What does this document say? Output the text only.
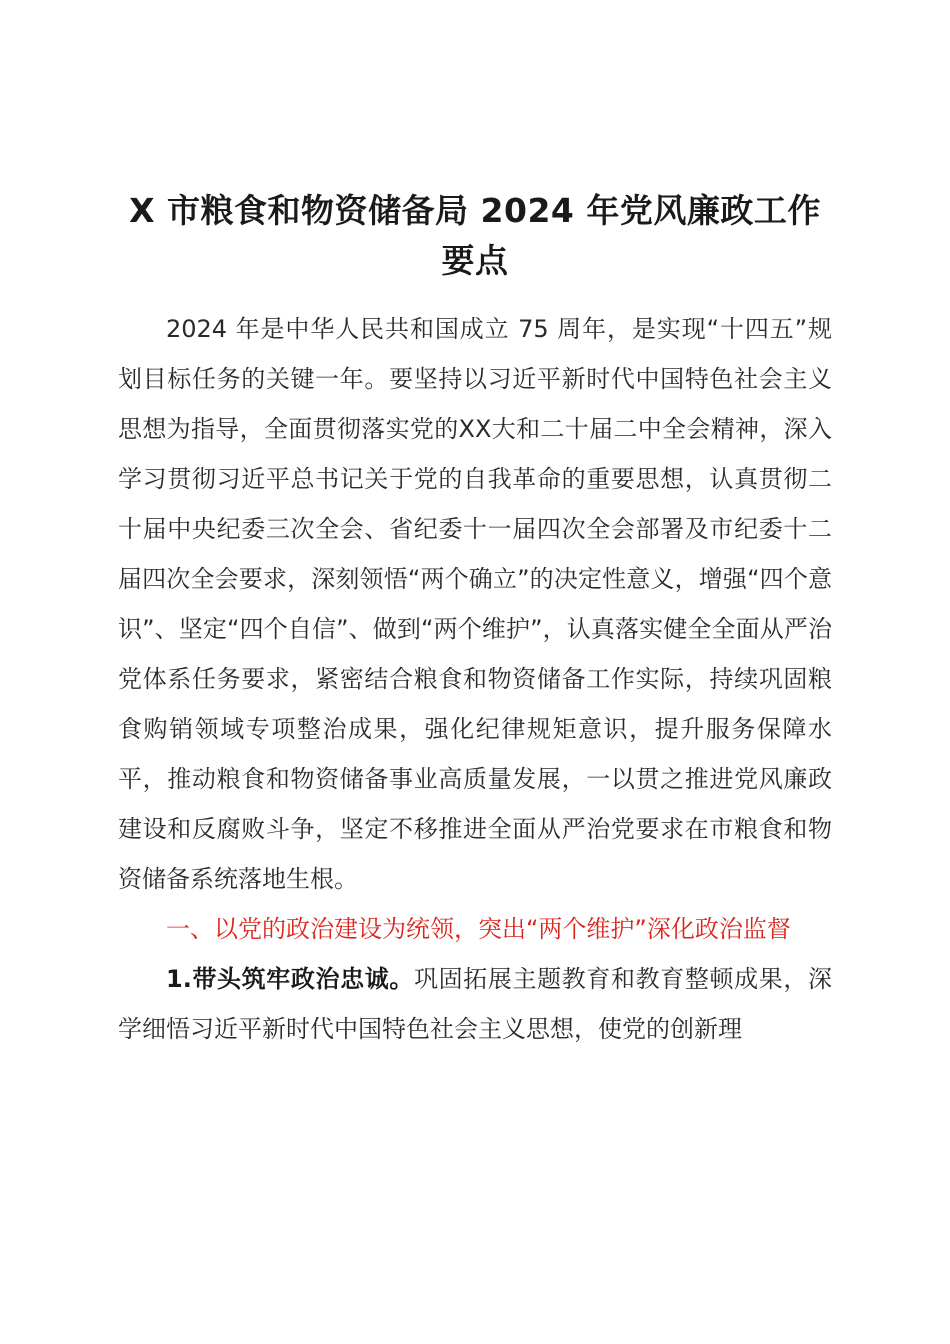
X 市粮食和物资储备局 2024 年党风廉政工作要点

2024 年是中华人民共和国成立 75 周年，是实现“十四五”规划目标任务的关键一年。要坚持以习近平新时代中国特色社会主义思想为指导，全面贯彻落实党的XX大和二十届二中全会精神，深入学习贯彻习近平总书记关于党的自我革命的重要思想，认真贯彻二十届中央纪委三次全会、省纪委十一届四次全会部署及市纪委十二届四次全会要求，深刻领悟“两个确立”的决定性意义，增强“四个意识”、坚定“四个自信”、做到“两个维护”，认真落实健全全面从严治党体系任务要求，紧密结合粮食和物资储备工作实际，持续巩固粮食购销领域专项整治成果，强化纪律规矩意识，提升服务保障水平，推动粮食和物资储备事业高质量发展，一以贯之推进党风廉政建设和反腐败斗争，坚定不移推进全面从严治党要求在市粮食和物资储备系统落地生根。

一、以党的政治建设为统领，突出“两个维护”深化政治监督

1.带头筑牢政治忠诚。巩固拓展主题教育和教育整顿成果，深学细悟习近平新时代中国特色社会主义思想，使党的创新理
